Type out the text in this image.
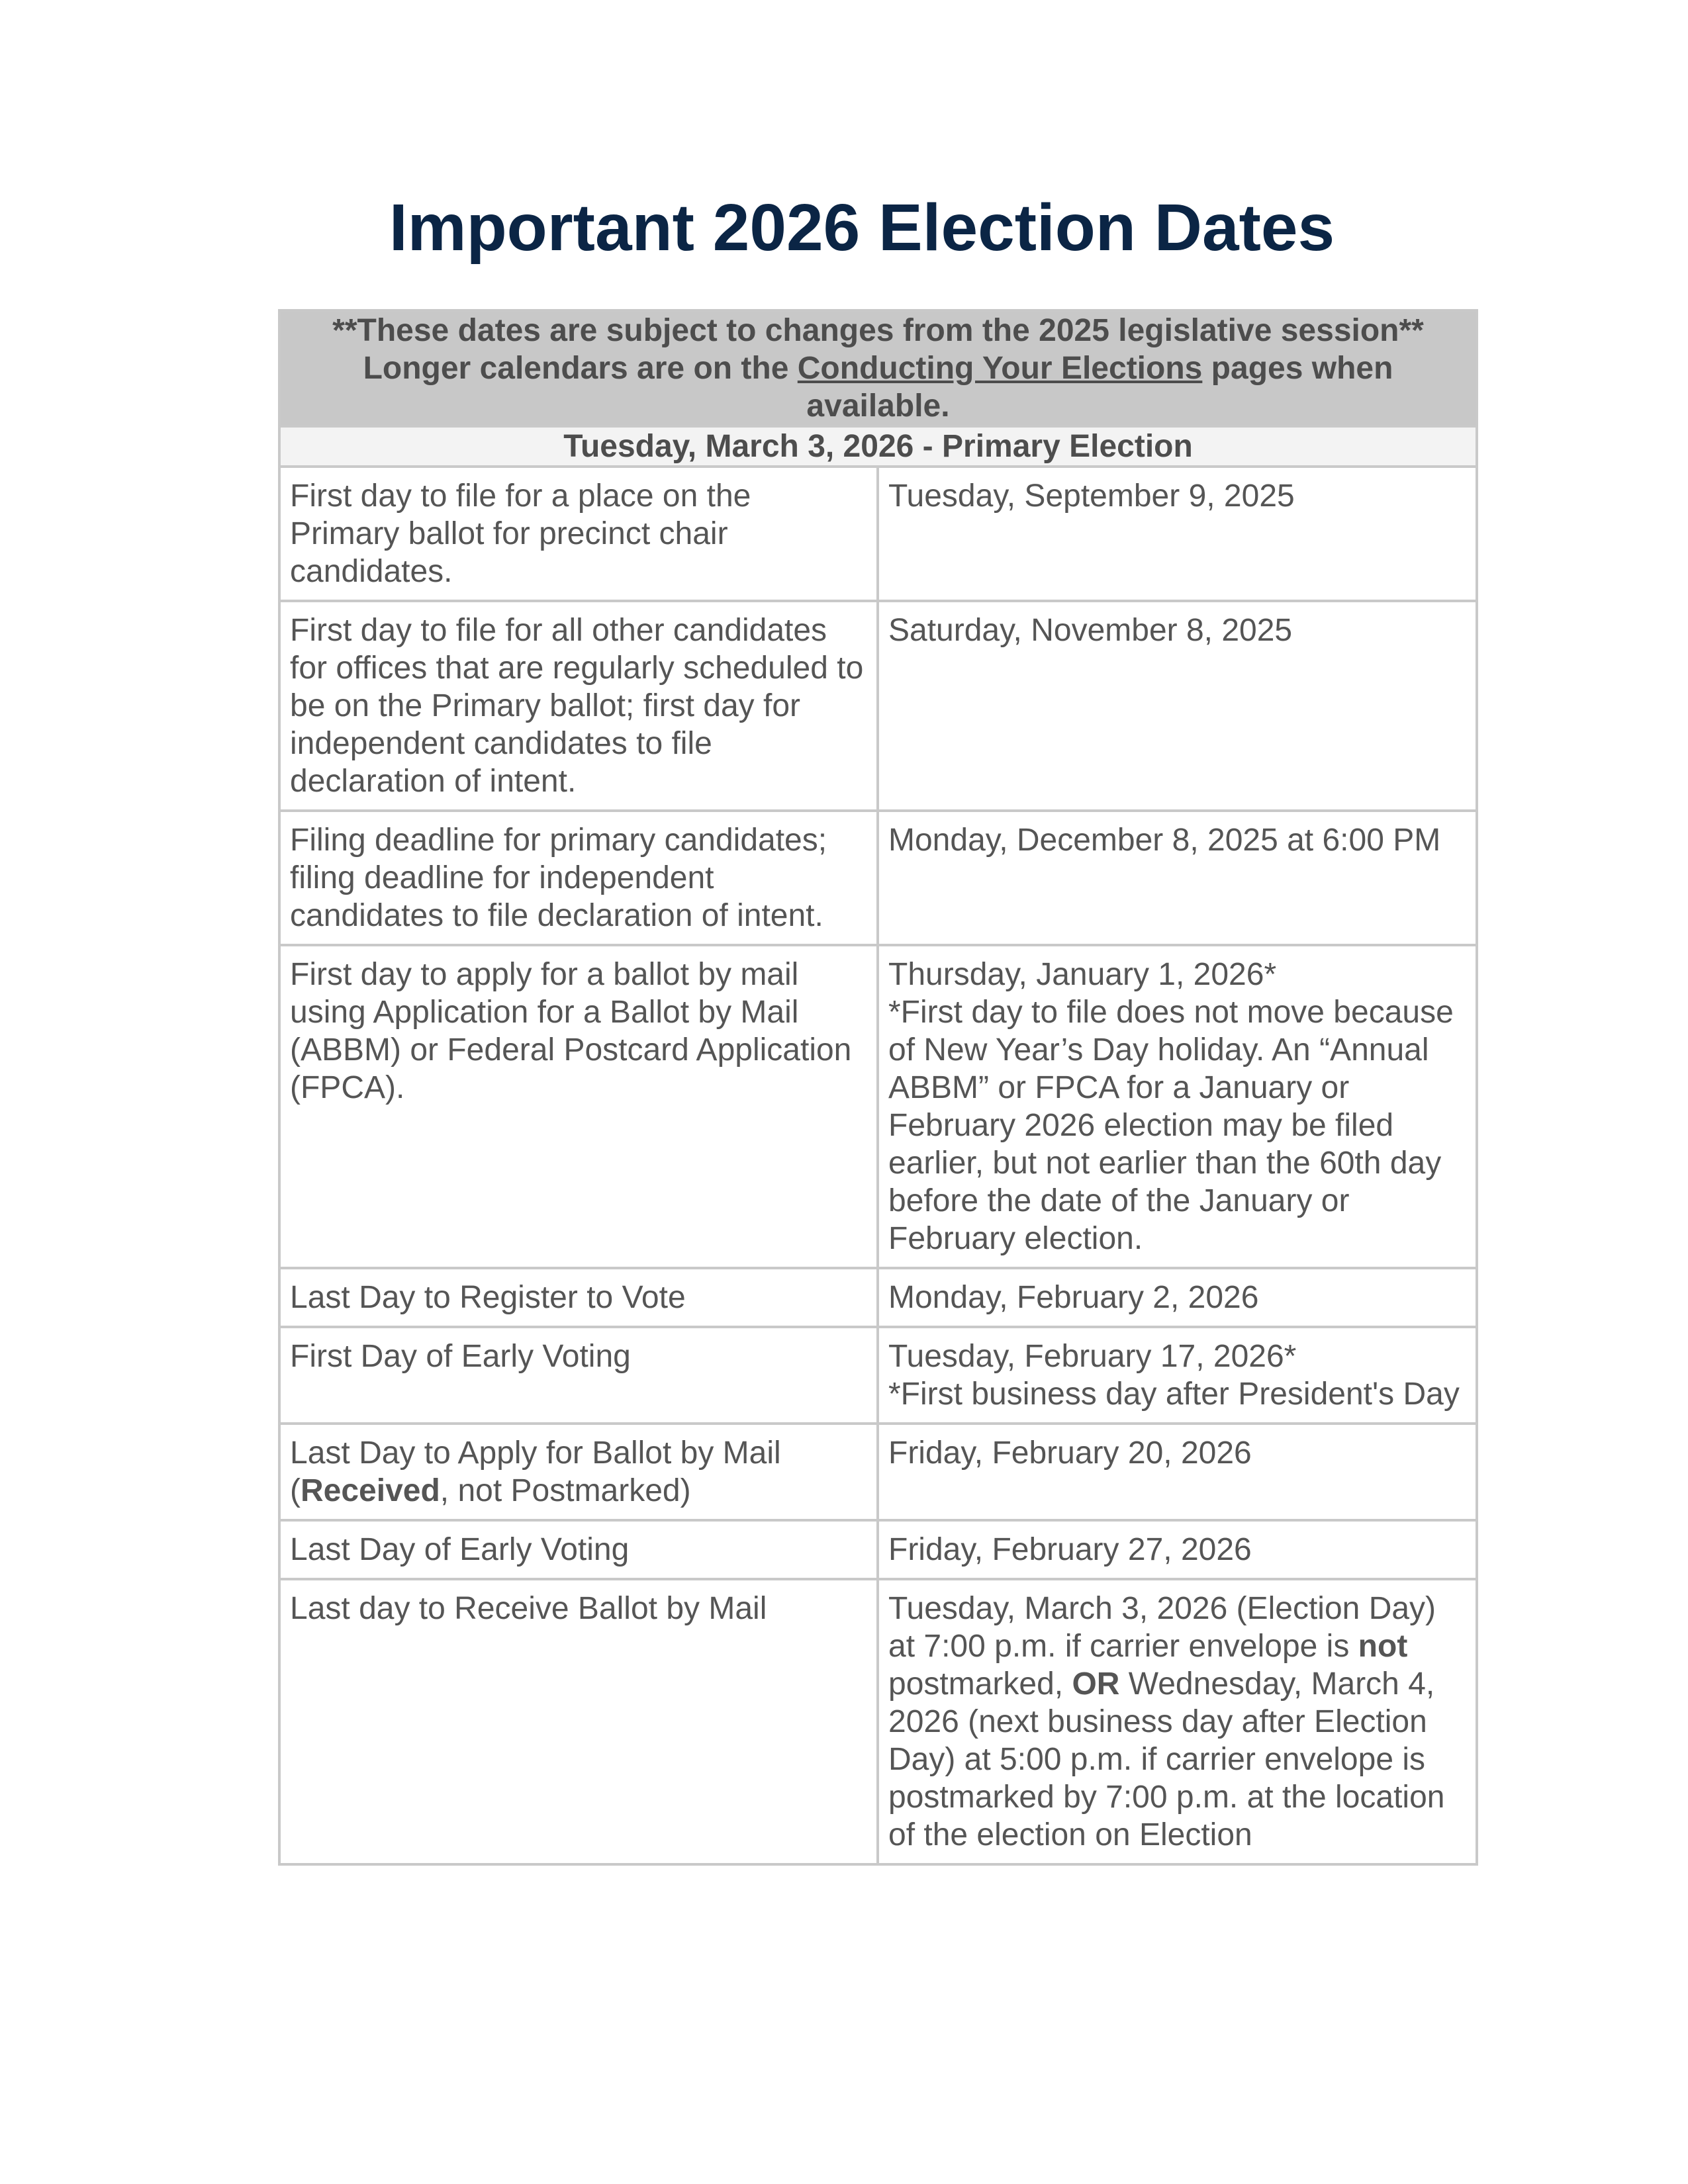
Important 2026 Election Dates
**These dates are subject to changes from the 2025 legislative session**
Longer calendars are on the Conducting Your Elections pages when available.	
Tuesday, March 3, 2026 - Primary Election	
First day to file for a place on the Primary ballot for precinct chair candidates.	Tuesday, September 9, 2025
First day to file for all other candidates for offices that are regularly scheduled to be on the Primary ballot; first day for independent candidates to file declaration of intent.	Saturday, November 8, 2025
Filing deadline for primary candidates; filing deadline for independent candidates to file declaration of intent.	Monday, December 8, 2025 at 6:00 PM
First day to apply for a ballot by mail using Application for a Ballot by Mail (ABBM) or Federal Postcard Application (FPCA).	Thursday, January 1, 2026*
*First day to file does not move because of New Year’s Day holiday. An “Annual ABBM” or FPCA for a January or February 2026 election may be filed earlier, but not earlier than the 60th day before the date of the January or February election.

Last Day to Register to Vote	Monday, February 2, 2026
First Day of Early Voting	Tuesday, February 17, 2026*
*First business day after President's Day

Last Day to Apply for Ballot by Mail (Received, not Postmarked)	Friday, February 20, 2026
Last Day of Early Voting	Friday, February 27, 2026
Last day to Receive Ballot by Mail	Tuesday, March 3, 2026 (Election Day) at 7:00 p.m. if carrier envelope is not postmarked, OR Wednesday, March 4, 2026 (next business day after Election Day) at 5:00 p.m. if carrier envelope is postmarked by 7:00 p.m. at the location of the election on Election
